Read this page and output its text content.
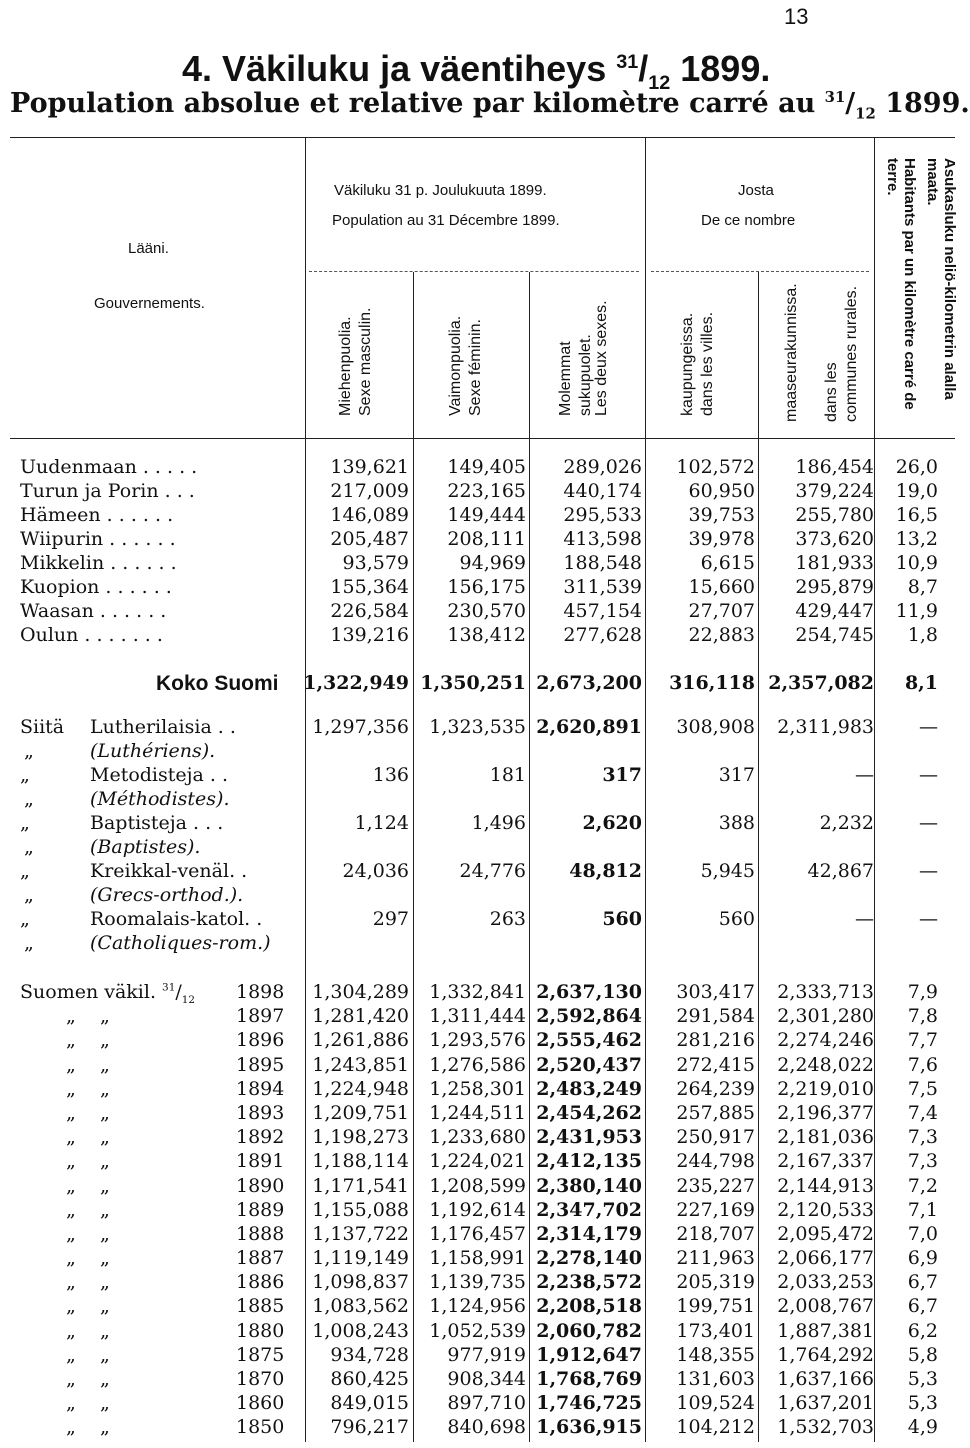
13
4. Väkiluku ja väentiheys $^{31}/_{12}$ 1899.
Population absolue et relative par kilomètre carré au $^{31}/_{12}$ 1899.
Lääni.
Gouvernements.
Väkiluku 31 p. Joulukuuta 1899.
Population au 31 Décembre 1899.
Josta
De ce nombre
Miehenpuolia. Sexe masculin.	Vaimonpuolia. Sexe féminin.	Molemmat sukupuolet. Les deux sexes.	kaupungeissa. dans les villes.	maaseurakunnissa.	dans les communes rurales.	Asukasluku neliö-kilometrin alalla maata.
Habitants par un kilomètre carré de terre.
Uudenmaan . . . . .	139,621 149,405 289,026 102,572 186,454 26,0
Turun ja Porin . . .	217,009 223,165 440,174 60,950 379,224 19,0
Hämeen . . . . . .	146,089 149,444 295,533 39,753 255,780 16,5
Wiipurin . . . . . .	205,487 208,111 413,598 39,978 373,620 13,2
Mikkelin . . . . . .	93,579	94,969 188,548	6,615 181,933 10,9
Kuopion . . . . . .	155,364 156,175 311,539 15,660 295,879 8,7
Waasan . . . . . .	226,584 230,570 457,154 27,707 429,447 11,9
Oulun . . . . . . .	139,216 138,412 277,628 22,883 254,745 1,8
Koko Suomi 1,322,949 1,350,251 2,673,200 316,118 2,357,082 8,1
Siitä Lutherilaisia . .	1,297,356 1,323,535 2,620,891 308,908 2,311,983 —
„	(Luthériens).
„	Metodisteja . .	136	181	317	317	— —
„	(Méthodistes).
„	Baptisteja . . .	1,124	1,496	2,620	388	2,232 —
„	(Baptistes).
„	Kreikkal-venäl. .	24,036	24,776 48,812	5,945	42,867 —
„	(Grecs-orthod.).
„	Roomalais-katol. .	297	263	560	560	— —
„	(Catholiques-rom.)
Suomen väkil. $^{31}/_{12}$ 1898 1,304,289 1,332,841 2,637,130 303,417 2,333,713 7,9
„    „	1897 1,281,420 1,311,444 2,592,864 291,584 2,301,280 7,8
„    „	1896 1,261,886 1,293,576 2,555,462 281,216 2,274,246 7,7
„    „	1895 1,243,851 1,276,586 2,520,437 272,415 2,248,022 7,6
„    „	1894 1,224,948 1,258,301 2,483,249 264,239 2,219,010 7,5
„    „	1893 1,209,751 1,244,511 2,454,262 257,885 2,196,377 7,4
„    „	1892 1,198,273 1,233,680 2,431,953 250,917 2,181,036 7,3
„    „	1891 1,188,114 1,224,021 2,412,135 244,798 2,167,337 7,3
„    „	1890 1,171,541 1,208,599 2,380,140 235,227 2,144,913 7,2
„    „	1889 1,155,088 1,192,614 2,347,702 227,169 2,120,533 7,1
„    „	1888 1,137,722 1,176,457 2,314,179 218,707 2,095,472 7,0
„    „	1887 1,119,149 1,158,991 2,278,140 211,963 2,066,177 6,9
„    „	1886 1,098,837 1,139,735 2,238,572 205,319 2,033,253 6,7
„    „	1885 1,083,562 1,124,956 2,208,518 199,751 2,008,767 6,7
„    „	1880 1,008,243 1,052,539 2,060,782 173,401 1,887,381 6,2
„    „	1875 934,728 977,919 1,912,647 148,355 1,764,292 5,8
„    „	1870 860,425 908,344 1,768,769 131,603 1,637,166 5,3
„    „	1860 849,015 897,710 1,746,725 109,524 1,637,201 5,3
„    „	1850 796,217 840,698 1,636,915 104,212 1,532,703 4,9
